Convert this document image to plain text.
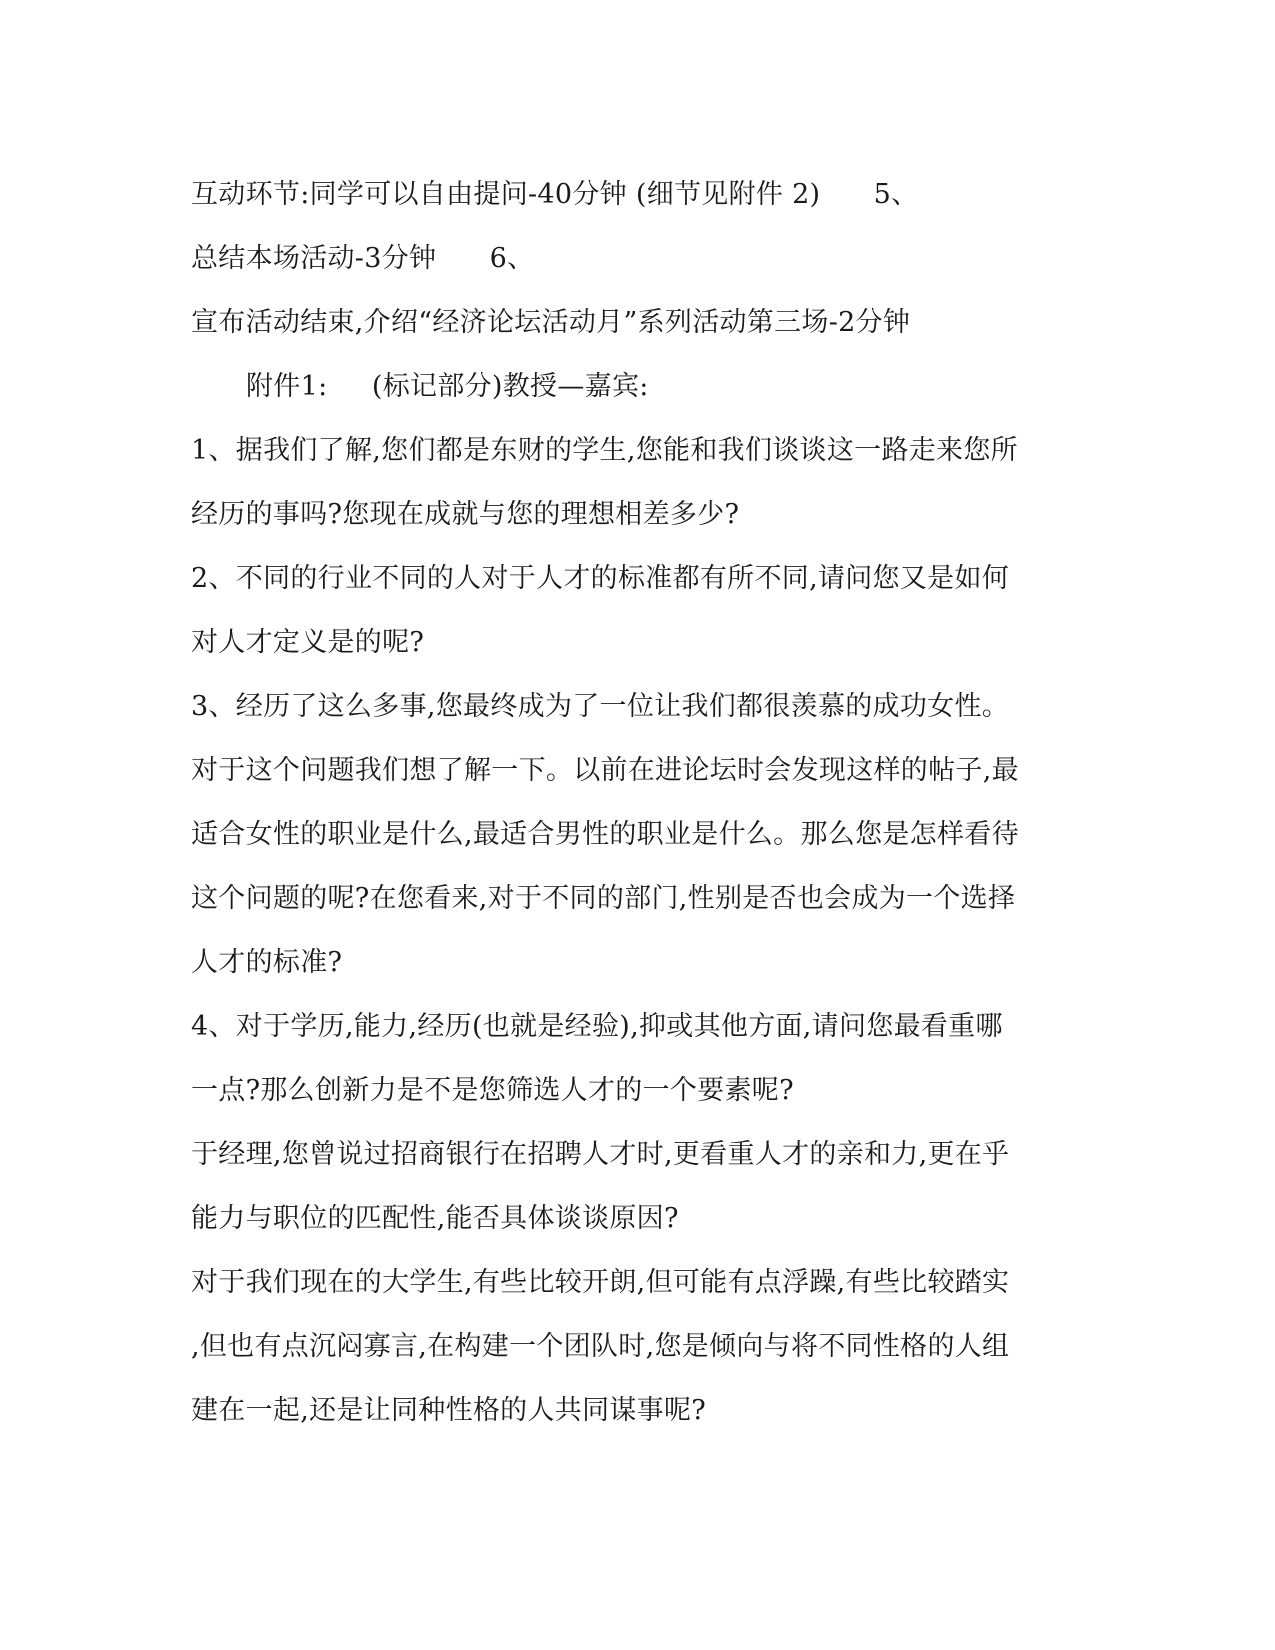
互动环节:同学可以自由提问-40分钟 (细节见附件 2)      5、
总结本场活动-3分钟      6、
宣布活动结束,介绍“经济论坛活动月”系列活动第三场-2分钟
附件1:     (标记部分)教授—嘉宾:
1、据我们了解,您们都是东财的学生,您能和我们谈谈这一路走来您所
经历的事吗?您现在成就与您的理想相差多少?
2、不同的行业不同的人对于人才的标准都有所不同,请问您又是如何
对人才定义是的呢?
3、经历了这么多事,您最终成为了一位让我们都很羡慕的成功女性。
对于这个问题我们想了解一下。以前在进论坛时会发现这样的帖子,最
适合女性的职业是什么,最适合男性的职业是什么。那么您是怎样看待
这个问题的呢?在您看来,对于不同的部门,性别是否也会成为一个选择
人才的标准?
4、对于学历,能力,经历(也就是经验),抑或其他方面,请问您最看重哪
一点?那么创新力是不是您筛选人才的一个要素呢?
于经理,您曾说过招商银行在招聘人才时,更看重人才的亲和力,更在乎
能力与职位的匹配性,能否具体谈谈原因?
对于我们现在的大学生,有些比较开朗,但可能有点浮躁,有些比较踏实
,但也有点沉闷寡言,在构建一个团队时,您是倾向与将不同性格的人组
建在一起,还是让同种性格的人共同谋事呢?
